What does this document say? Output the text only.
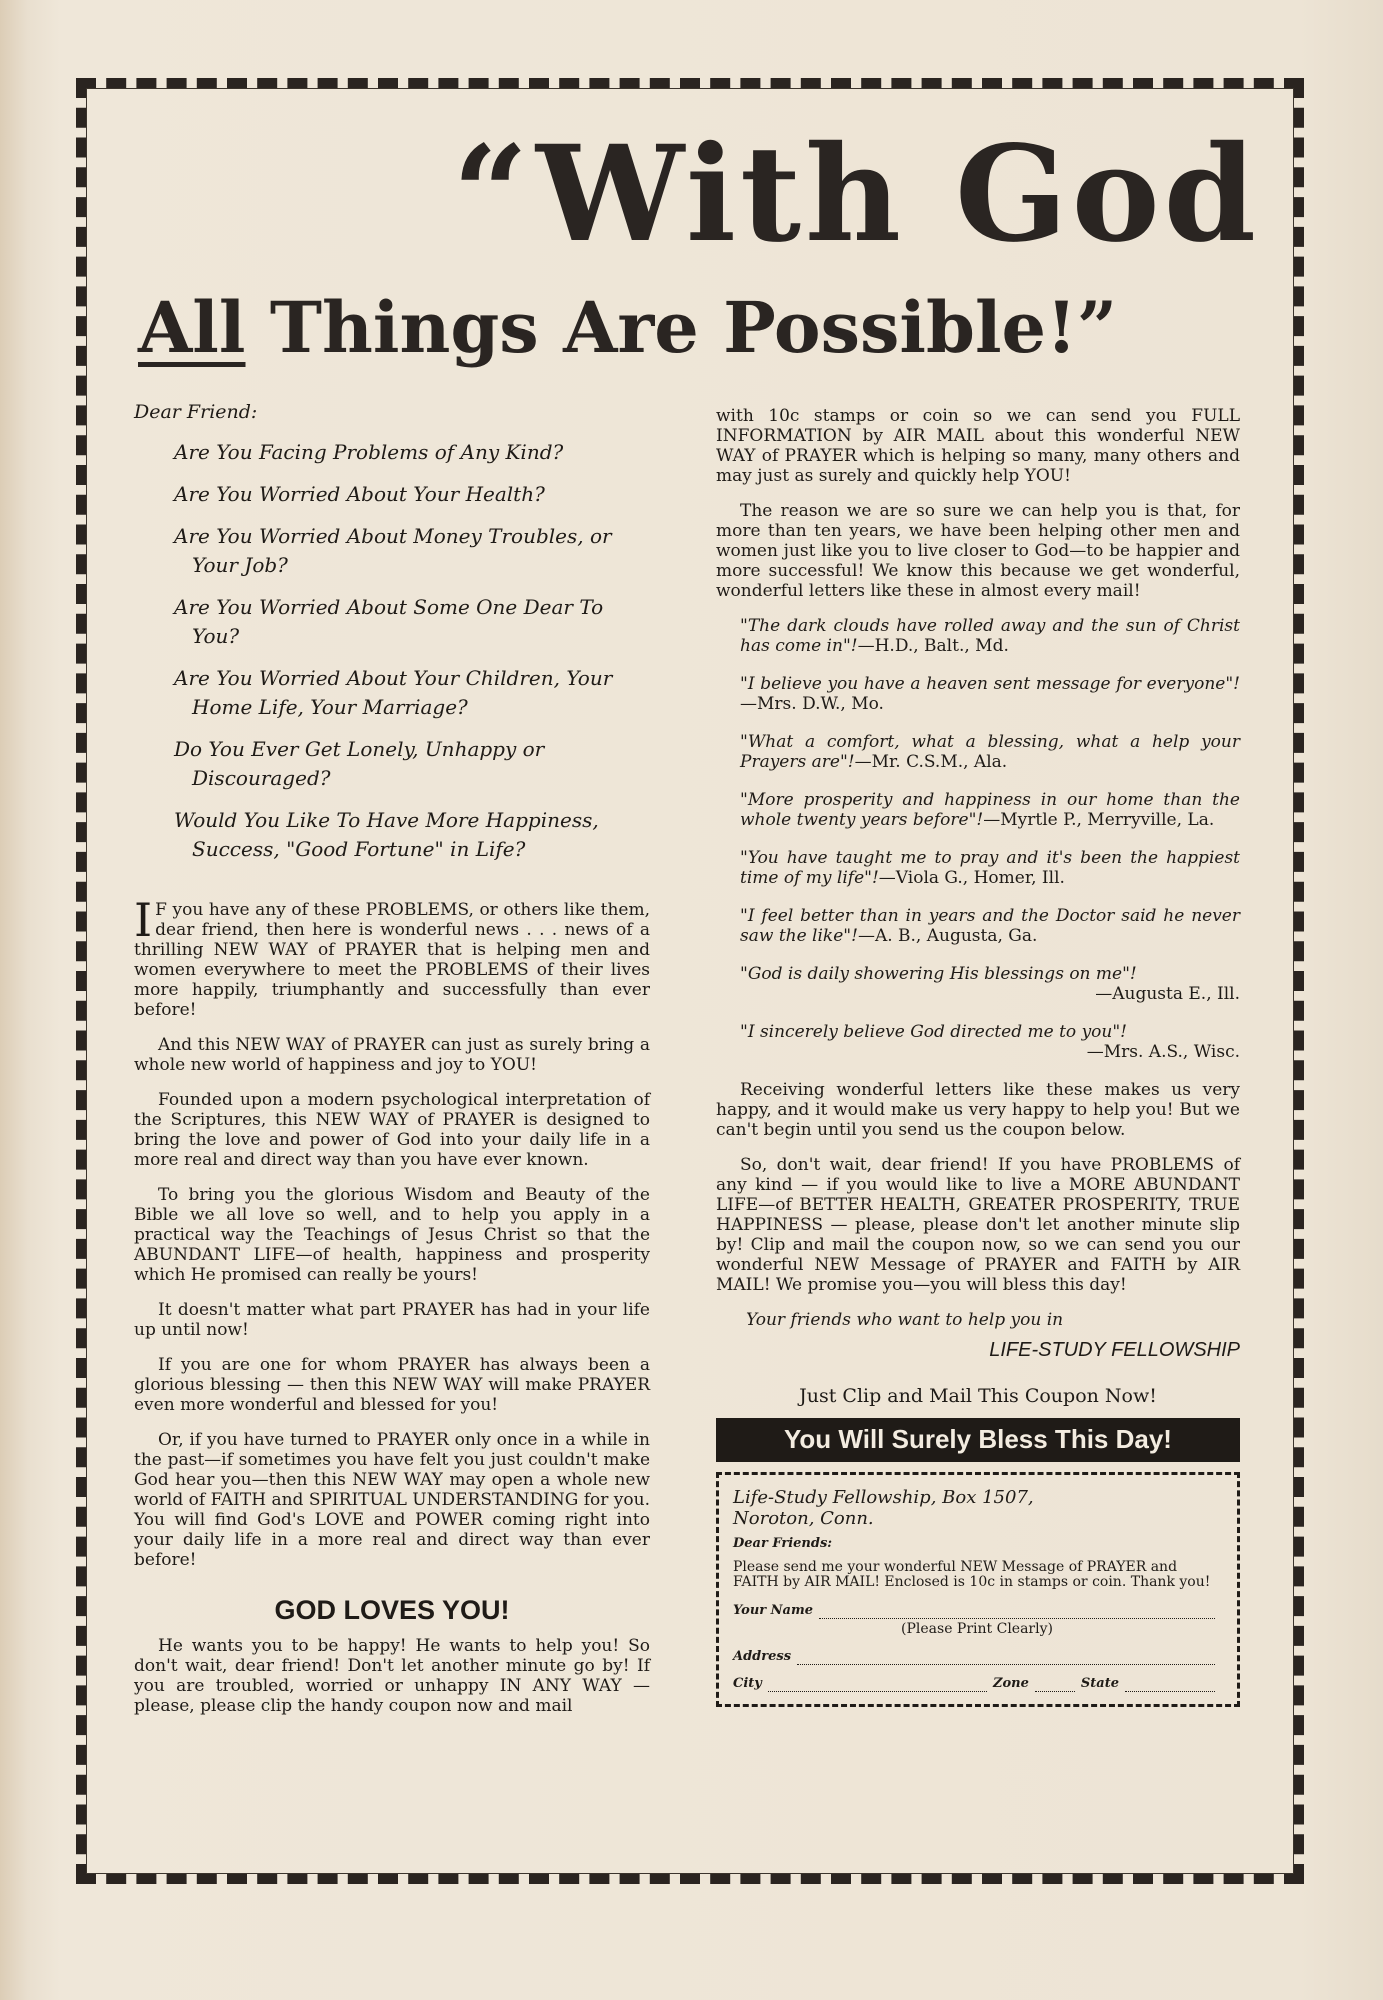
“With God
All Things Are Possible!”
Dear Friend:
Are You Facing Problems of Any Kind?
Are You Worried About Your Health?
Are You Worried About Money Troubles, or Your Job?
Are You Worried About Some One Dear To You?
Are You Worried About Your Children, Your Home Life, Your Marriage?
Do You Ever Get Lonely, Unhappy or Discouraged?
Would You Like To Have More Happiness, Success, "Good Fortune" in Life?

I F you have any of these PROBLEMS, or others like them, dear friend, then here is wonderful news . . . news of a thrilling NEW WAY of PRAYER that is helping men and women everywhere to meet the PROBLEMS of their lives more happily, triumphantly and successfully than ever before!

And this NEW WAY of PRAYER can just as surely bring a whole new world of happiness and joy to YOU!

Founded upon a modern psychological interpretation of the Scriptures, this NEW WAY of PRAYER is designed to bring the love and power of God into your daily life in a more real and direct way than you have ever known.

To bring you the glorious Wisdom and Beauty of the Bible we all love so well, and to help you apply in a practical way the Teachings of Jesus Christ so that the ABUNDANT LIFE—of health, happiness and prosperity which He promised can really be yours!

It doesn't matter what part PRAYER has had in your life up until now!

If you are one for whom PRAYER has always been a glorious blessing — then this NEW WAY will make PRAYER even more wonderful and blessed for you!

Or, if you have turned to PRAYER only once in a while in the past—if sometimes you have felt you just couldn't make God hear you—then this NEW WAY may open a whole new world of FAITH and SPIRITUAL UNDERSTANDING for you. You will find God's LOVE and POWER coming right into your daily life in a more real and direct way than ever before!

GOD LOVES YOU!

He wants you to be happy! He wants to help you! So don't wait, dear friend! Don't let another minute go by! If you are troubled, worried or unhappy IN ANY WAY —please, please clip the handy coupon now and mail

with 10c stamps or coin so we can send you FULL INFORMATION by AIR MAIL about this wonderful NEW WAY of PRAYER which is helping so many, many others and may just as surely and quickly help YOU!

The reason we are so sure we can help you is that, for more than ten years, we have been helping other men and women just like you to live closer to God—to be happier and more successful! We know this because we get wonderful, wonderful letters like these in almost every mail!

"The dark clouds have rolled away and the sun of Christ has come in"!—H.D., Balt., Md.
"I believe you have a heaven sent message for everyone"!—Mrs. D.W., Mo.
"What a comfort, what a blessing, what a help your Prayers are"!—Mr. C.S.M., Ala.
"More prosperity and happiness in our home than the whole twenty years before"!—Myrtle P., Merryville, La.
"You have taught me to pray and it's been the happiest time of my life"!—Viola G., Homer, Ill.
"I feel better than in years and the Doctor said he never saw the like"!—A. B., Augusta, Ga.
"God is daily showering His blessings on me"!
—Augusta E., Ill.
"I sincerely believe God directed me to you"!
—Mrs. A.S., Wisc.

Receiving wonderful letters like these makes us very happy, and it would make us very happy to help you! But we can't begin until you send us the coupon below.

So, don't wait, dear friend! If you have PROBLEMS of any kind — if you would like to live a MORE ABUNDANT LIFE—of BETTER HEALTH, GREATER PROSPERITY, TRUE HAPPINESS — please, please don't let another minute slip by! Clip and mail the coupon now, so we can send you our wonderful NEW Message of PRAYER and FAITH by AIR MAIL! We promise you—you will bless this day!

Your friends who want to help you in
LIFE-STUDY FELLOWSHIP
Just Clip and Mail This Coupon Now!
You Will Surely Bless This Day!
Life-Study Fellowship, Box 1507,
Noroton, Conn.
Dear Friends:
Please send me your wonderful NEW Message of PRAYER and FAITH by AIR MAIL! Enclosed is 10c in stamps or coin. Thank you!
Your Name
(Please Print Clearly)
Address
City	Zone	State
